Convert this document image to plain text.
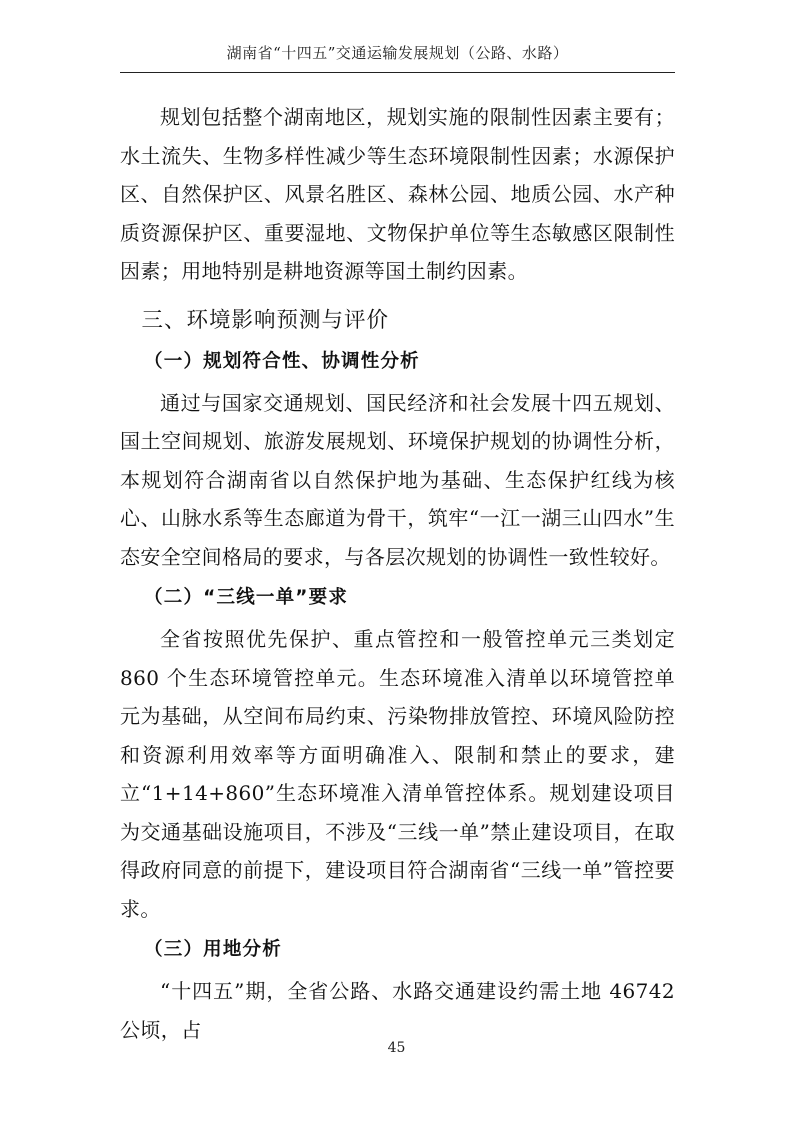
湖南省“十四五”交通运输发展规划（公路、水路）

规划包括整个湖南地区，规划实施的限制性因素主要有；水土流失、生物多样性减少等生态环境限制性因素；水源保护区、自然保护区、风景名胜区、森林公园、地质公园、水产种质资源保护区、重要湿地、文物保护单位等生态敏感区限制性因素；用地特别是耕地资源等国土制约因素。

三、环境影响预测与评价
（一）规划符合性、协调性分析

通过与国家交通规划、国民经济和社会发展十四五规划、国土空间规划、旅游发展规划、环境保护规划的协调性分析，本规划符合湖南省以自然保护地为基础、生态保护红线为核心、山脉水系等生态廊道为骨干，筑牢“一江一湖三山四水”生态安全空间格局的要求，与各层次规划的协调性一致性较好。

（二）“三线一单”要求

全省按照优先保护、重点管控和一般管控单元三类划定 860 个生态环境管控单元。生态环境准入清单以环境管控单元为基础，从空间布局约束、污染物排放管控、环境风险防控和资源利用效率等方面明确准入、限制和禁止的要求，建立“1+14+860”生态环境准入清单管控体系。规划建设项目为交通基础设施项目，不涉及“三线一单”禁止建设项目，在取得政府同意的前提下，建设项目符合湖南省“三线一单”管控要求。

（三）用地分析

“十四五”期，全省公路、水路交通建设约需土地 46742 公顷，占

45
